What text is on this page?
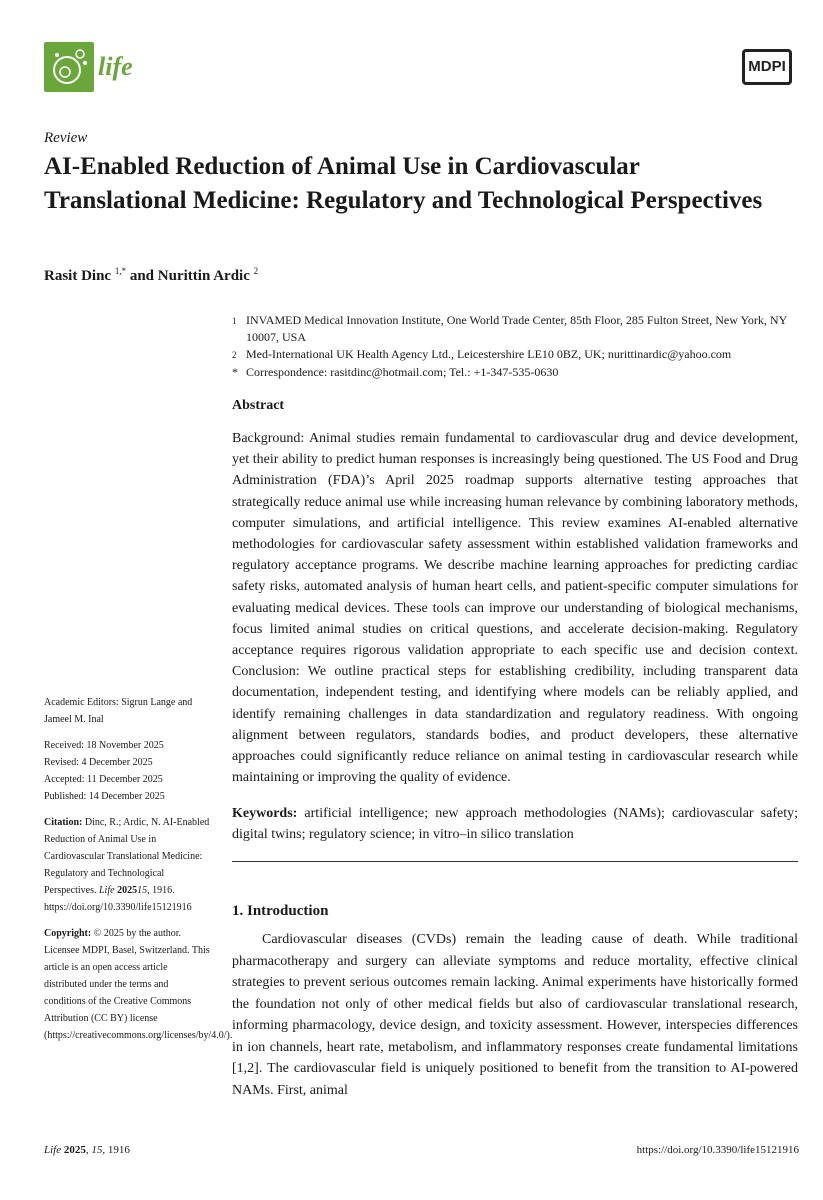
life	MDPI
Review
AI-Enabled Reduction of Animal Use in Cardiovascular Translational Medicine: Regulatory and Technological Perspectives
Rasit Dinc $^{1,*}$ and Nurittin Ardic $^2$
1 INVAMED Medical Innovation Institute, One World Trade Center, 85th Floor, 285 Fulton Street, New York, NY 10007, USA
2 Med-International UK Health Agency Ltd., Leicestershire LE10 0BZ, UK; nurittinardic@yahoo.com
* Correspondence: rasitdinc@hotmail.com; Tel.: +1-347-535-0630
Abstract
Background: Animal studies remain fundamental to cardiovascular drug and device development, yet their ability to predict human responses is increasingly being questioned. The US Food and Drug Administration (FDA)’s April 2025 roadmap supports alternative testing approaches that strategically reduce animal use while increasing human relevance by combining laboratory methods, computer simulations, and artificial intelligence. This review examines AI-enabled alternative methodologies for cardiovascular safety assessment within established validation frameworks and regulatory acceptance programs. We describe machine learning approaches for predicting cardiac safety risks, automated analysis of human heart cells, and patient-specific computer simulations for evaluating medical devices. These tools can improve our understanding of biological mechanisms, focus limited animal studies on critical questions, and accelerate decision-making. Regulatory acceptance requires rigorous validation appropriate to each specific use and decision context. Conclusion: We outline practical steps for establishing credibility, including transparent data documentation, independent testing, and identifying where models can be reliably applied, and identify remaining challenges in data standardization and regulatory readiness. With ongoing alignment between regulators, standards bodies, and product developers, these alternative approaches could significantly reduce reliance on animal testing in cardiovascular research while maintaining or improving the quality of evidence.
Keywords: artificial intelligence; new approach methodologies (NAMs); cardiovascular safety; digital twins; regulatory science; in vitro–in silico translation
1. Introduction
Cardiovascular diseases (CVDs) remain the leading cause of death. While traditional pharmacotherapy and surgery can alleviate symptoms and reduce mortality, effective clinical strategies to prevent serious outcomes remain lacking. Animal experiments have historically formed the foundation not only of other medical fields but also of cardiovascular translational research, informing pharmacology, device design, and toxicity assessment. However, interspecies differences in ion channels, heart rate, metabolism, and inflammatory responses create fundamental limitations [1,2]. The cardiovascular field is uniquely positioned to benefit from the transition to AI-powered NAMs. First, animal
Academic Editors: Sigrun Lange and Jameel M. Inal
Received: 18 November 2025
Revised: 4 December 2025
Accepted: 11 December 2025
Published: 14 December 2025
Citation: Dinc, R.; Ardic, N. AI-Enabled Reduction of Animal Use in Cardiovascular Translational Medicine: Regulatory and Technological Perspectives. Life 202515, 1916. https://doi.org/10.3390/life15121916
Copyright: © 2025 by the author. Licensee MDPI, Basel, Switzerland. This article is an open access article distributed under the terms and conditions of the Creative Commons Attribution (CC BY) license (https://creativecommons.org/licenses/by/4.0/).
Life 2025, 15, 1916	https://doi.org/10.3390/life15121916
